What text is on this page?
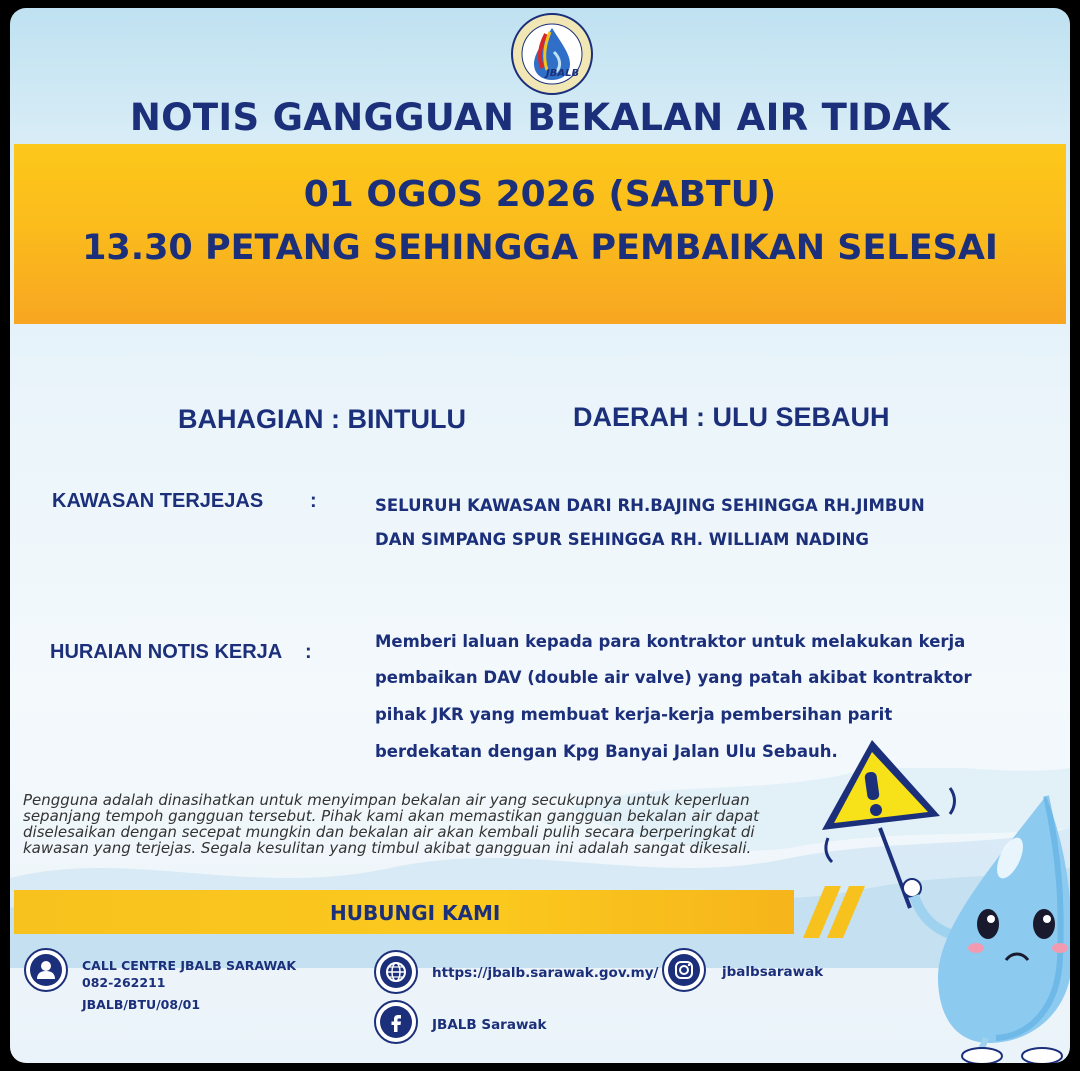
JBALB
NOTIS GANGGUAN BEKALAN AIR TIDAK
01 OGOS 2026 (SABTU)
13.30 PETANG SEHINGGA PEMBAIKAN SELESAI
BAHAGIAN : BINTULU	DAERAH : ULU SEBAUH
KAWASAN TERJEJAS :	SELURUH KAWASAN DARI RH.BAJING SEHINGGA RH.JIMBUN
DAN SIMPANG SPUR SEHINGGA RH. WILLIAM NADING
HURAIAN NOTIS KERJA :	Memberi laluan kepada para kontraktor untuk melakukan kerja
pembaikan DAV (double air valve) yang patah akibat kontraktor
pihak JKR yang membuat kerja-kerja pembersihan parit
berdekatan dengan Kpg Banyai Jalan Ulu Sebauh.
Pengguna adalah dinasihatkan untuk menyimpan bekalan air yang secukupnya untuk keperluan
sepanjang tempoh gangguan tersebut. Pihak kami akan memastikan gangguan bekalan air dapat
diselesaikan dengan secepat mungkin dan bekalan air akan kembali pulih secara berperingkat di
kawasan yang terjejas. Segala kesulitan yang timbul akibat gangguan ini adalah sangat dikesali.
HUBUNGI KAMI
CALL CENTRE JBALB SARAWAK
082-262211
JBALB/BTU/08/01
https://jbalb.sarawak.gov.my/	jbalbsarawak
JBALB Sarawak
